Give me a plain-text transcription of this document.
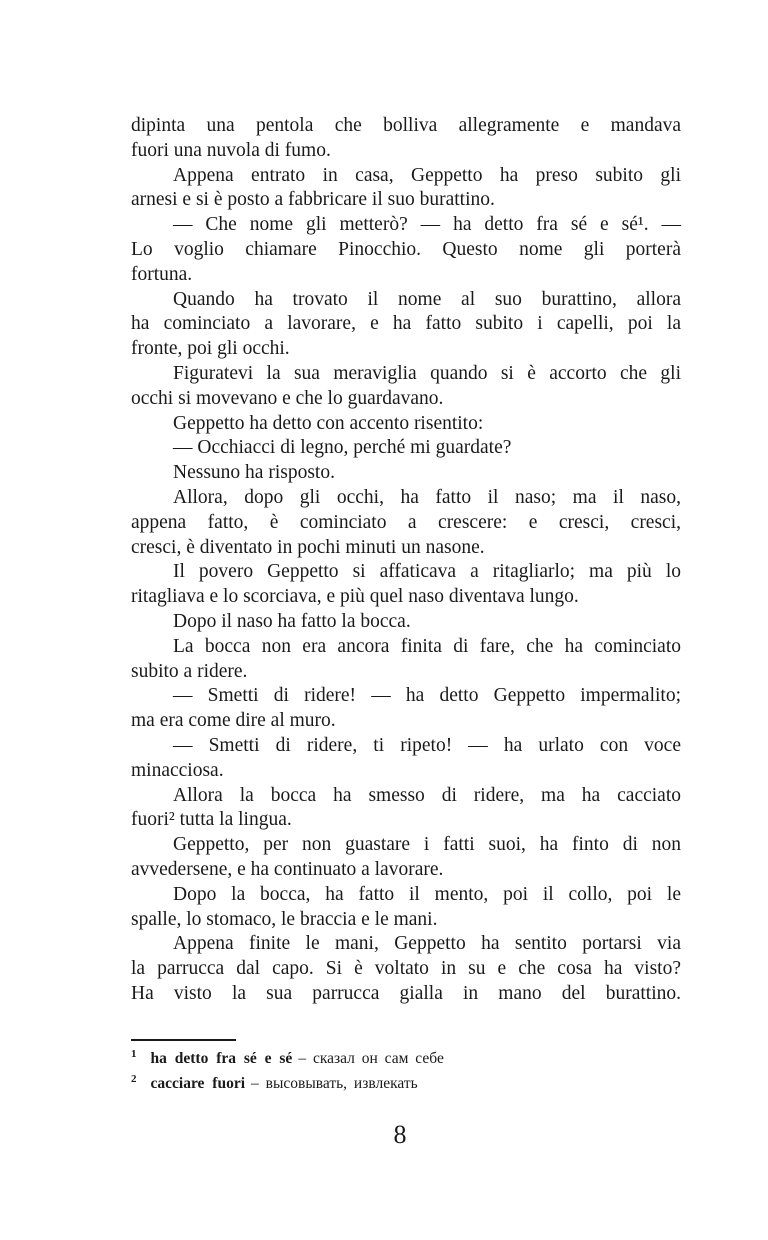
dipinta una pentola che bolliva allegramente e mandava
fuori una nuvola di fumo.
Appena entrato in casa, Geppetto ha preso subito gli
arnesi e si è posto a fabbricare il suo burattino.
— Che nome gli metterò? — ha detto fra sé e sé¹. —
Lo voglio chiamare Pinocchio. Questo nome gli porterà
fortuna.
Quando ha trovato il nome al suo burattino, allora
ha cominciato a lavorare, e ha fatto subito i capelli, poi la
fronte, poi gli occhi.
Figuratevi la sua meraviglia quando si è accorto che gli
occhi si movevano e che lo guardavano.
Geppetto ha detto con accento risentito:
— Occhiacci di legno, perché mi guardate?
Nessuno ha risposto.
Allora, dopo gli occhi, ha fatto il naso; ma il naso,
appena fatto, è cominciato a crescere: e cresci, cresci,
cresci, è diventato in pochi minuti un nasone.
Il povero Geppetto si affaticava a ritagliarlo; ma più lo
ritagliava e lo scorciava, e più quel naso diventava lungo.
Dopo il naso ha fatto la bocca.
La bocca non era ancora finita di fare, che ha cominciato
subito a ridere.
— Smetti di ridere! — ha detto Geppetto impermalito;
ma era come dire al muro.
— Smetti di ridere, ti ripeto! — ha urlato con voce
minacciosa.
Allora la bocca ha smesso di ridere, ma ha cacciato
fuori² tutta la lingua.
Geppetto, per non guastare i fatti suoi, ha finto di non
avvedersene, e ha continuato a lavorare.
Dopo la bocca, ha fatto il mento, poi il collo, poi le
spalle, lo stomaco, le braccia e le mani.
Appena finite le mani, Geppetto ha sentito portarsi via
la parrucca dal capo. Si è voltato in su e che cosa ha visto?
Ha visto la sua parrucca gialla in mano del burattino.
$^1$ ha detto fra sé e sé – сказал он сам себе
$^2$ cacciare fuori – высовывать, извлекать
8
